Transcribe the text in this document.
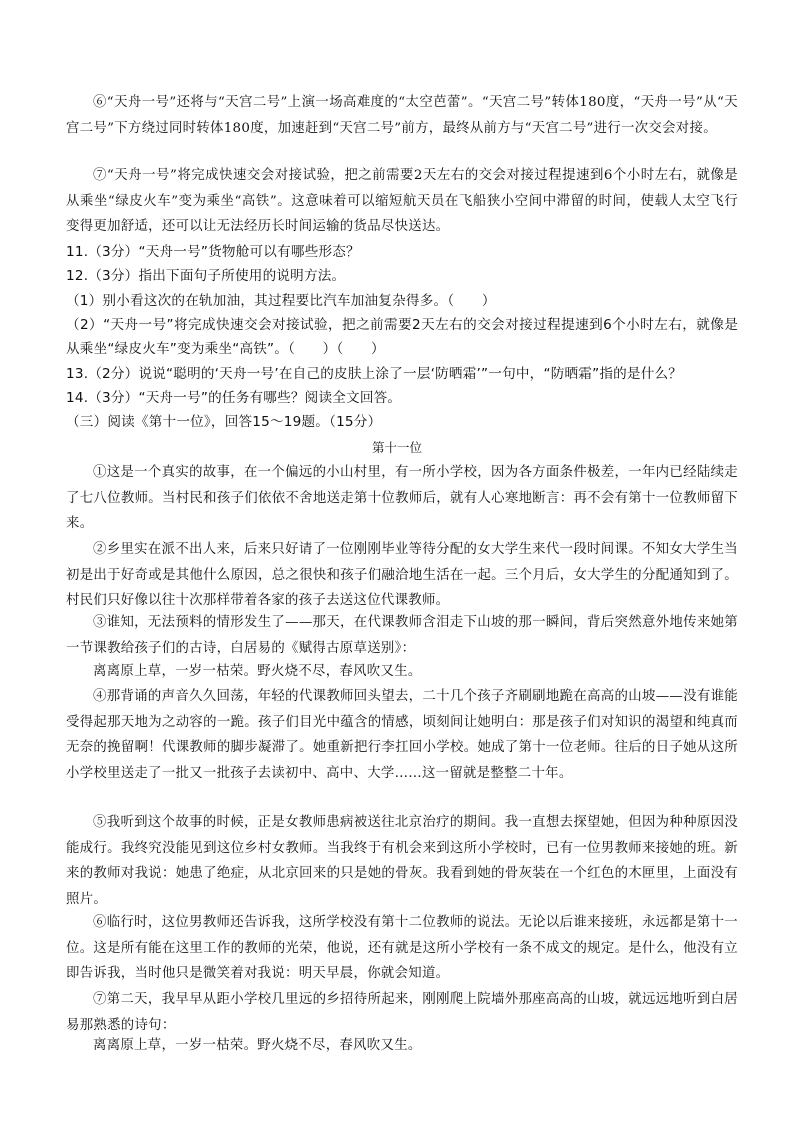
⑥“天舟一号”还将与“天宫二号”上演一场高难度的“太空芭蕾”。“天宫二号”转体180度，“天舟一号”从“天宫二号”下方绕过同时转体180度，加速赶到“天宫二号”前方，最终从前方与“天宫二号”进行一次交会对接。

⑦“天舟一号”将完成快速交会对接试验，把之前需要2天左右的交会对接过程提速到6个小时左右，就像是从乘坐“绿皮火车”变为乘坐“高铁”。这意味着可以缩短航天员在飞船狭小空间中滞留的时间，使载人太空飞行变得更加舒适，还可以让无法经历长时间运输的货品尽快送达。

11.（3分）“天舟一号”货物舱可以有哪些形态？

12.（3分）指出下面句子所使用的说明方法。

（1）别小看这次的在轨加油，其过程要比汽车加油复杂得多。（　　）

（2）“天舟一号”将完成快速交会对接试验，把之前需要2天左右的交会对接过程提速到6个小时左右，就像是从乘坐“绿皮火车”变为乘坐“高铁”。（　　）（　　）

13.（2分）说说“聪明的‘天舟一号’在自己的皮肤上涂了一层‘防晒霜’”一句中，“防晒霜”指的是什么？

14.（3分）“天舟一号”的任务有哪些？阅读全文回答。

（三）阅读《第十一位》，回答15～19题。（15分）

第十一位

①这是一个真实的故事，在一个偏远的小山村里，有一所小学校，因为各方面条件极差，一年内已经陆续走了七八位教师。当村民和孩子们依依不舍地送走第十位教师后，就有人心寒地断言：再不会有第十一位教师留下来。

②乡里实在派不出人来，后来只好请了一位刚刚毕业等待分配的女大学生来代一段时间课。不知女大学生当初是出于好奇或是其他什么原因，总之很快和孩子们融洽地生活在一起。三个月后，女大学生的分配通知到了。村民们只好像以往十次那样带着各家的孩子去送这位代课教师。

③谁知，无法预料的情形发生了——那天，在代课教师含泪走下山坡的那一瞬间，背后突然意外地传来她第一节课教给孩子们的古诗，白居易的《赋得古原草送别》：

离离原上草，一岁一枯荣。野火烧不尽，春风吹又生。

④那背诵的声音久久回荡，年轻的代课教师回头望去，二十几个孩子齐刷刷地跪在高高的山坡——没有谁能受得起那天地为之动容的一跪。孩子们目光中蕴含的情感，顷刻间让她明白：那是孩子们对知识的渴望和纯真而无奈的挽留啊！代课教师的脚步凝滞了。她重新把行李扛回小学校。她成了第十一位老师。往后的日子她从这所小学校里送走了一批又一批孩子去读初中、高中、大学……这一留就是整整二十年。

⑤我听到这个故事的时候，正是女教师患病被送往北京治疗的期间。我一直想去探望她，但因为种种原因没能成行。我终究没能见到这位乡村女教师。当我终于有机会来到这所小学校时，已有一位男教师来接她的班。新来的教师对我说：她患了绝症，从北京回来的只是她的骨灰。我看到她的骨灰装在一个红色的木匣里，上面没有照片。

⑥临行时，这位男教师还告诉我，这所学校没有第十二位教师的说法。无论以后谁来接班，永远都是第十一位。这是所有能在这里工作的教师的光荣，他说，还有就是这所小学校有一条不成文的规定。是什么，他没有立即告诉我，当时他只是微笑着对我说：明天早晨，你就会知道。

⑦第二天，我早早从距小学校几里远的乡招待所起来，刚刚爬上院墙外那座高高的山坡，就远远地听到白居易那熟悉的诗句：

离离原上草，一岁一枯荣。野火烧不尽，春风吹又生。
